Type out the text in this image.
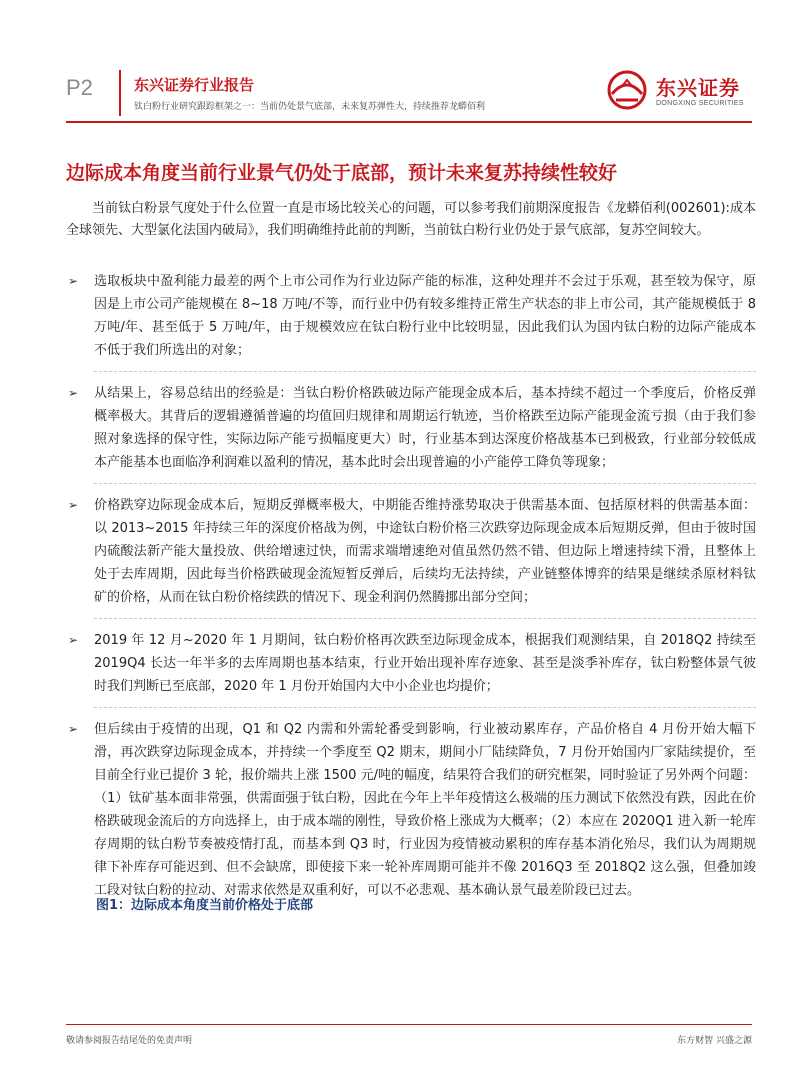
P2	东兴证券行业报告
钛白粉行业研究跟踪框架之一：当前仍处景气底部，未来复苏弹性大，持续推荐龙蟒佰利
东兴证券
DONGXING SECURITIES
边际成本角度当前行业景气仍处于底部，预计未来复苏持续性较好

当前钛白粉景气度处于什么位置一直是市场比较关心的问题，可以参考我们前期深度报告《龙蟒佰利(002601):成本全球领先、大型氯化法国内破局》，我们明确维持此前的判断，当前钛白粉行业仍处于景气底部，复苏空间较大。

➢ 选取板块中盈利能力最差的两个上市公司作为行业边际产能的标准，这种处理并不会过于乐观，甚至较为保守，原因是上市公司产能规模在 8~18 万吨/不等，而行业中仍有较多维持正常生产状态的非上市公司，其产能规模低于 8 万吨/年、甚至低于 5 万吨/年，由于规模效应在钛白粉行业中比较明显，因此我们认为国内钛白粉的边际产能成本不低于我们所选出的对象；
➢ 从结果上，容易总结出的经验是：当钛白粉价格跌破边际产能现金成本后，基本持续不超过一个季度后，价格反弹概率极大。其背后的逻辑遵循普遍的均值回归规律和周期运行轨迹，当价格跌至边际产能现金流亏损（由于我们参照对象选择的保守性，实际边际产能亏损幅度更大）时，行业基本到达深度价格战基本已到极致，行业部分较低成本产能基本也面临净利润难以盈利的情况，基本此时会出现普遍的小产能停工降负等现象；
➢ 价格跌穿边际现金成本后，短期反弹概率极大，中期能否维持涨势取决于供需基本面、包括原材料的供需基本面：以 2013~2015 年持续三年的深度价格战为例，中途钛白粉价格三次跌穿边际现金成本后短期反弹，但由于彼时国内硫酸法新产能大量投放、供给增速过快，而需求端增速绝对值虽然仍然不错、但边际上增速持续下滑，且整体上处于去库周期，因此每当价格跌破现金流短暂反弹后，后续均无法持续，产业链整体博弈的结果是继续杀原材料钛矿的价格，从而在钛白粉价格续跌的情况下、现金利润仍然腾挪出部分空间；
➢ 2019 年 12 月~2020 年 1 月期间，钛白粉价格再次跌至边际现金成本，根据我们观测结果，自 2018Q2 持续至 2019Q4 长达一年半多的去库周期也基本结束，行业开始出现补库存迹象、甚至是淡季补库存，钛白粉整体景气彼时我们判断已至底部，2020 年 1 月份开始国内大中小企业也均提价；
➢ 但后续由于疫情的出现，Q1 和 Q2 内需和外需轮番受到影响，行业被动累库存，产品价格自 4 月份开始大幅下滑，再次跌穿边际现金成本，并持续一个季度至 Q2 期末，期间小厂陆续降负，7 月份开始国内厂家陆续提价，至目前全行业已提价 3 轮，报价端共上涨 1500 元/吨的幅度，结果符合我们的研究框架，同时验证了另外两个问题：（1）钛矿基本面非常强，供需面强于钛白粉，因此在今年上半年疫情这么极端的压力测试下依然没有跌，因此在价格跌破现金流后的方向选择上，由于成本端的刚性，导致价格上涨成为大概率；（2）本应在 2020Q1 进入新一轮库存周期的钛白粉节奏被疫情打乱，而基本到 Q3 时，行业因为疫情被动累积的库存基本消化殆尽，我们认为周期规律下补库存可能迟到、但不会缺席，即使接下来一轮补库周期可能并不像 2016Q3 至 2018Q2 这么强，但叠加竣工段对钛白粉的拉动、对需求依然是双重利好，可以不必悲观、基本确认景气最差阶段已过去。
图1：边际成本角度当前价格处于底部
敬请参阅报告结尾处的免责声明	东方财智 兴盛之源
